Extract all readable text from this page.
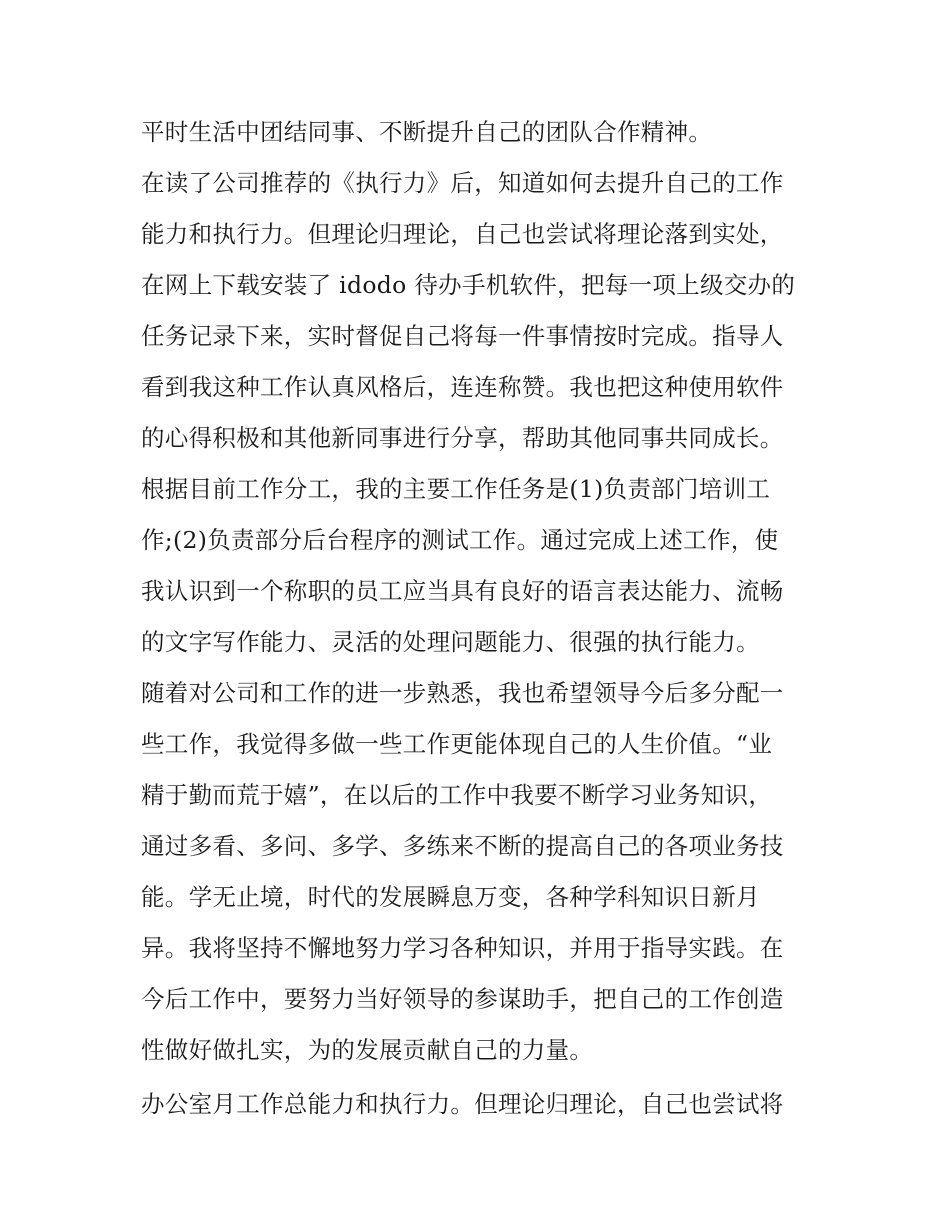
平时生活中团结同事、不断提升自己的团队合作精神。
在读了公司推荐的《执行力》后，知道如何去提升自己的工作
能力和执行力。但理论归理论，自己也尝试将理论落到实处，
在网上下载安装了 idodo 待办手机软件，把每一项上级交办的
任务记录下来，实时督促自己将每一件事情按时完成。指导人
看到我这种工作认真风格后，连连称赞。我也把这种使用软件
的心得积极和其他新同事进行分享，帮助其他同事共同成长。
根据目前工作分工，我的主要工作任务是(1)负责部门培训工
作;(2)负责部分后台程序的测试工作。通过完成上述工作，使
我认识到一个称职的员工应当具有良好的语言表达能力、流畅
的文字写作能力、灵活的处理问题能力、很强的执行能力。
随着对公司和工作的进一步熟悉，我也希望领导今后多分配一
些工作，我觉得多做一些工作更能体现自己的人生价值。“业
精于勤而荒于嬉”，在以后的工作中我要不断学习业务知识，
通过多看、多问、多学、多练来不断的提高自己的各项业务技
能。学无止境，时代的发展瞬息万变，各种学科知识日新月
异。我将坚持不懈地努力学习各种知识，并用于指导实践。在
今后工作中，要努力当好领导的参谋助手，把自己的工作创造
性做好做扎实，为的发展贡献自己的力量。
办公室月工作总能力和执行力。但理论归理论，自己也尝试将
